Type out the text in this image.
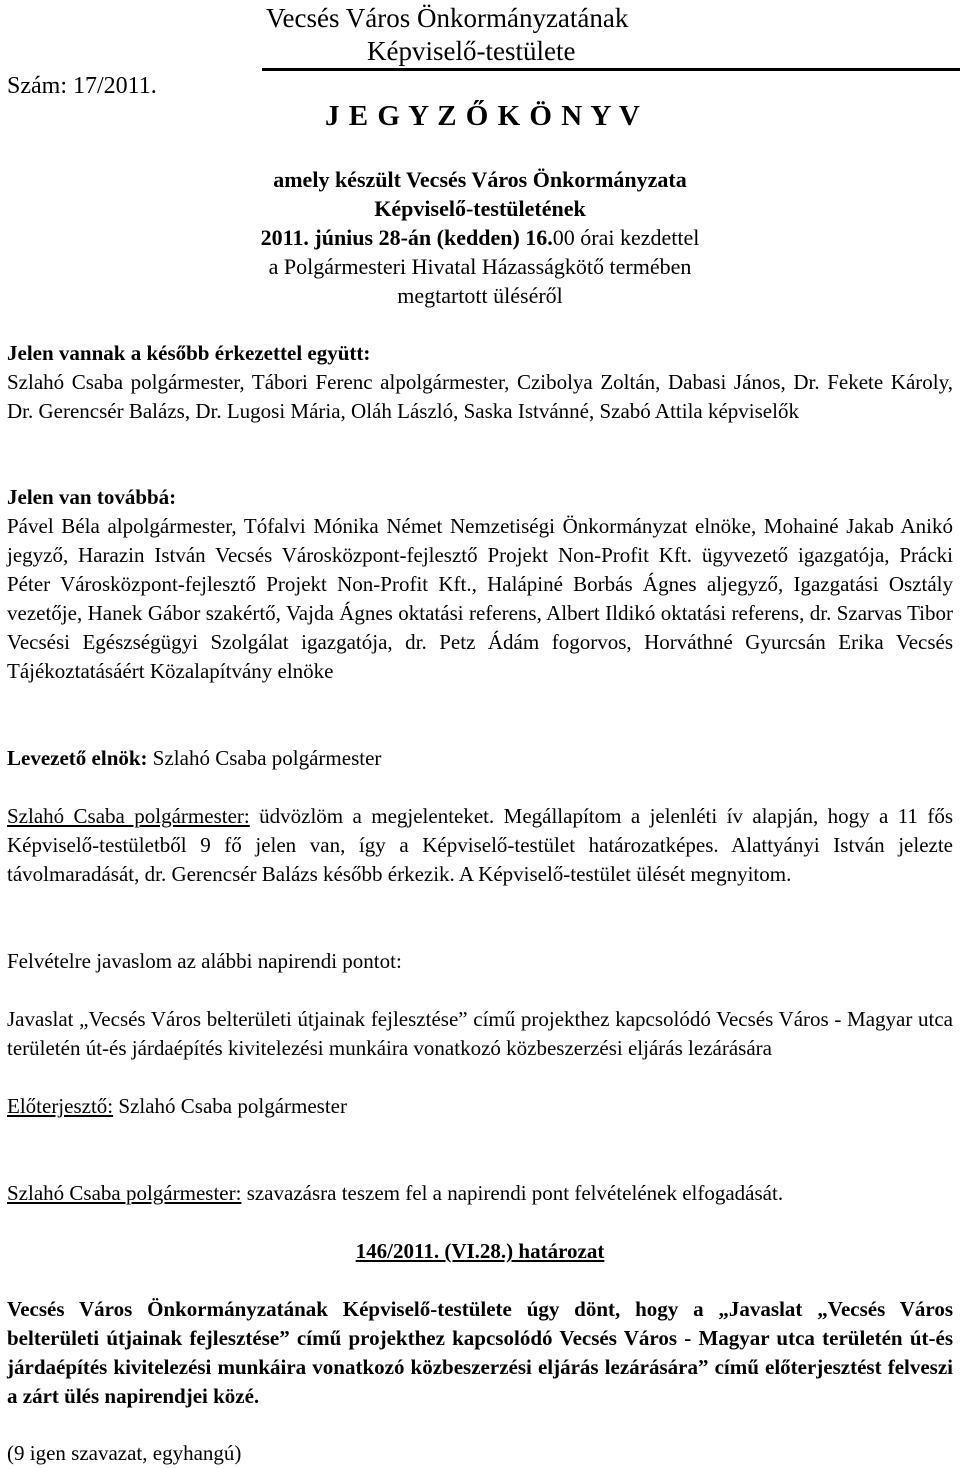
Vecsés Város Önkormányzatának
Képviselő-testülete
Szám: 17/2011.
J E G Y Z Ő K Ö N Y V
amely készült Vecsés Város Önkormányzata
Képviselő-testületének
2011. június 28-án (kedden) 16.00 órai kezdettel
a Polgármesteri Hivatal Házasságkötő termében
megtartott üléséről
Jelen vannak a később érkezettel együtt:
Szlahó Csaba polgármester, Tábori Ferenc alpolgármester, Czibolya Zoltán, Dabasi János, Dr. Fekete Károly, Dr. Gerencsér Balázs, Dr. Lugosi Mária, Oláh László, Saska Istvánné, Szabó Attila képviselők
Jelen van továbbá:
Pável Béla alpolgármester, Tófalvi Mónika Német Nemzetiségi Önkormányzat elnöke, Mohainé Jakab Anikó jegyző, Harazin István Vecsés Városközpont-fejlesztő Projekt Non-Profit Kft. ügyvezető igazgatója, Prácki Péter Városközpont-fejlesztő Projekt Non-Profit Kft., Halápiné Borbás Ágnes aljegyző, Igazgatási Osztály vezetője, Hanek Gábor szakértő, Vajda Ágnes oktatási referens, Albert Ildikó oktatási referens, dr. Szarvas Tibor Vecsési Egészségügyi Szolgálat igazgatója, dr. Petz Ádám fogorvos, Horváthné Gyurcsán Erika Vecsés Tájékoztatásáért Közalapítvány elnöke
Levezető elnök: Szlahó Csaba polgármester
Szlahó Csaba polgármester: üdvözlöm a megjelenteket. Megállapítom a jelenléti ív alapján, hogy a 11 fős Képviselő-testületből 9 fő jelen van, így a Képviselő-testület határozatképes. Alattyányi István jelezte távolmaradását, dr. Gerencsér Balázs később érkezik. A Képviselő-testület ülését megnyitom.
Felvételre javaslom az alábbi napirendi pontot:
Javaslat „Vecsés Város belterületi útjainak fejlesztése” című projekthez kapcsolódó Vecsés Város - Magyar utca területén út-és járdaépítés kivitelezési munkáira vonatkozó közbeszerzési eljárás lezárására
Előterjesztő: Szlahó Csaba polgármester
Szlahó Csaba polgármester: szavazásra teszem fel a napirendi pont felvételének elfogadását.
146/2011. (VI.28.) határozat
Vecsés Város Önkormányzatának Képviselő-testülete úgy dönt, hogy a „Javaslat „Vecsés Város belterületi útjainak fejlesztése” című projekthez kapcsolódó Vecsés Város - Magyar utca területén út-és járdaépítés kivitelezési munkáira vonatkozó közbeszerzési eljárás lezárására” című előterjesztést felveszi a zárt ülés napirendjei közé.
(9 igen szavazat, egyhangú)
